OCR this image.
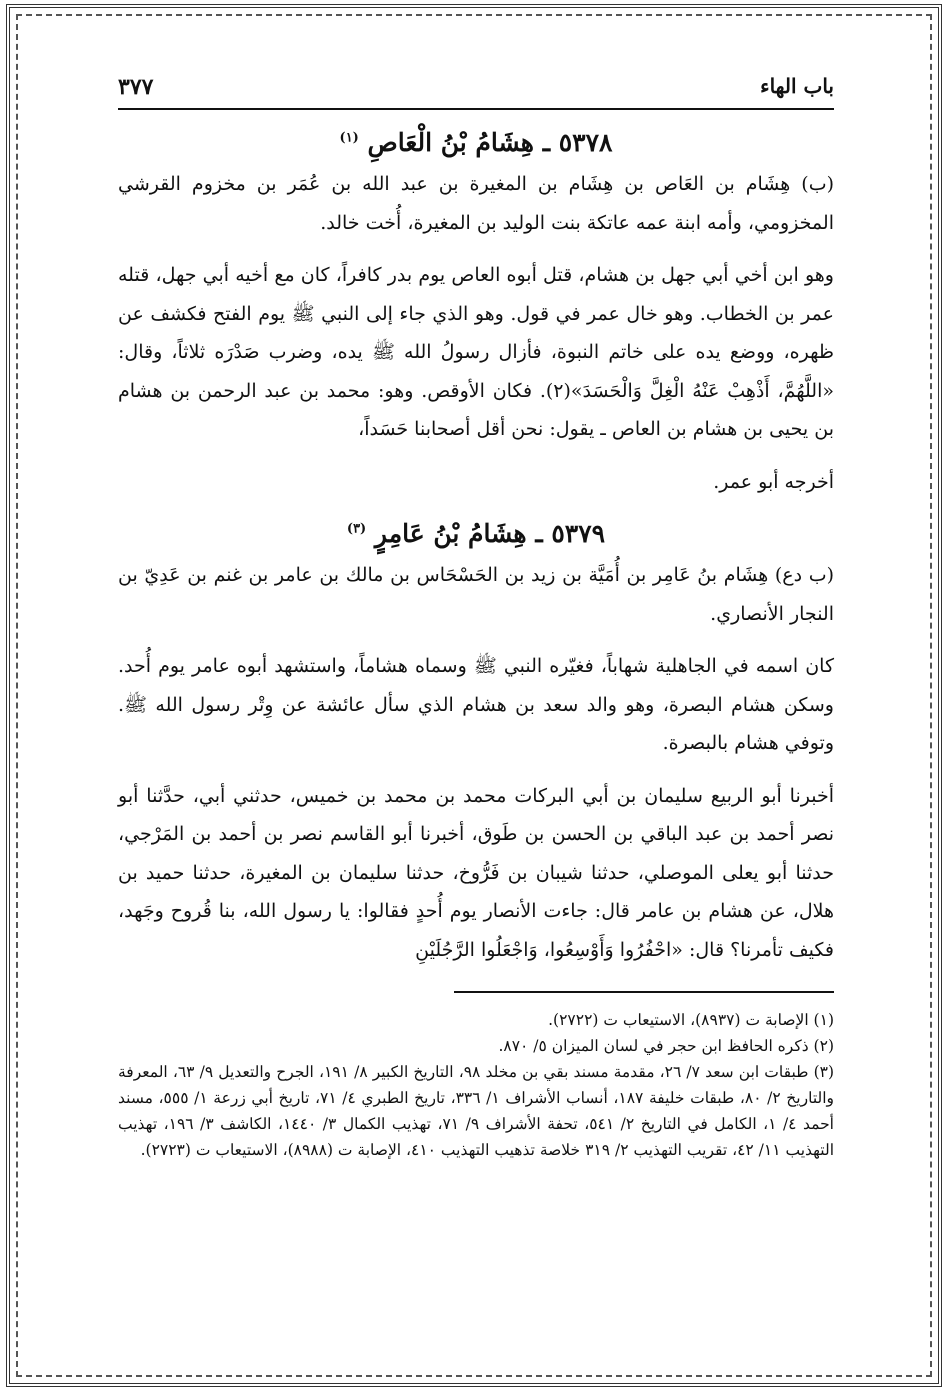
باب الهاء
٣٧٧
٥٣٧٨ ـ هِشَامُ بْنُ الْعَاصِ $^{(١)}$

(ب) هِشَام بن العَاص بن هِشَام بن المغيرة بن عبد الله بن عُمَر بن مخزوم القرشي المخزومي، وأمه ابنة عمه عاتكة بنت الوليد بن المغيرة، أُخت خالد.

وهو ابن أخي أبي جهل بن هشام، قتل أبوه العاص يوم بدر كافراً، كان مع أخيه أبي جهل، قتله عمر بن الخطاب. وهو خال عمر في قول. وهو الذي جاء إلى النبي ﷺ يوم الفتح فكشف عن ظهره، ووضع يده على خاتم النبوة، فأزال رسولُ الله ﷺ يده، وضرب صَدْرَه ثلاثاً، وقال: «اللَّهُمَّ، أَذْهِبْ عَنْهُ الْغِلَّ وَالْحَسَدَ»(٢). فكان الأوقص. وهو: محمد بن عبد الرحمن بن هشام بن يحيى بن هشام بن العاص ـ يقول: نحن أقل أصحابنا حَسَداً،

أخرجه أبو عمر.

٥٣٧٩ ـ هِشَامُ بْنُ عَامِرٍ $^{(٣)}$

(ب دع) هِشَام بنُ عَامِر بن أُمَيَّة بن زيد بن الحَسْحَاس بن مالك بن عامر بن غنم بن عَدِيّ بن النجار الأنصاري.

كان اسمه في الجاهلية شهاباً، فغيّره النبي ﷺ وسماه هشاماً، واستشهد أبوه عامر يوم أُحد. وسكن هشام البصرة، وهو والد سعد بن هشام الذي سأل عائشة عن وِتْر رسول الله ﷺ. وتوفي هشام بالبصرة.

أخبرنا أبو الربيع سليمان بن أبي البركات محمد بن محمد بن خميس، حدثني أبي، حدَّثنا أبو نصر أحمد بن عبد الباقي بن الحسن بن طَوق، أخبرنا أبو القاسم نصر بن أحمد بن المَرْجي، حدثنا أبو يعلى الموصلي، حدثنا شيبان بن فَرُّوخ، حدثنا سليمان بن المغيرة، حدثنا حميد بن هلال، عن هشام بن عامر قال: جاءت الأنصار يوم أُحدٍ فقالوا: يا رسول الله، بنا قُروح وجَهد، فكيف تأمرنا؟ قال: «احْفُرُوا وَأَوْسِعُوا، وَاجْعَلُوا الرَّجُلَيْنِ

(١) الإصابة ت (٨٩٣٧)، الاستيعاب ت (٢٧٢٢).

(٢) ذكره الحافظ ابن حجر في لسان الميزان ٥/ ٨٧٠.

(٣) طبقات ابن سعد ٧/ ٢٦، مقدمة مسند بقي بن مخلد ٩٨، التاريخ الكبير ٨/ ١٩١، الجرح والتعديل ٩/ ٦٣، المعرفة والتاريخ ٢/ ٨٠، طبقات خليفة ١٨٧، أنساب الأشراف ١/ ٣٣٦، تاريخ الطبري ٤/ ٧١، تاريخ أبي زرعة ١/ ٥٥٥، مسند أحمد ٤/ ١، الكامل في التاريخ ٢/ ٥٤١، تحفة الأشراف ٩/ ٧١، تهذيب الكمال ٣/ ١٤٤٠، الكاشف ٣/ ١٩٦، تهذيب التهذيب ١١/ ٤٢، تقريب التهذيب ٢/ ٣١٩ خلاصة تذهيب التهذيب ٤١٠، الإصابة ت (٨٩٨٨)، الاستيعاب ت (٢٧٢٣).
